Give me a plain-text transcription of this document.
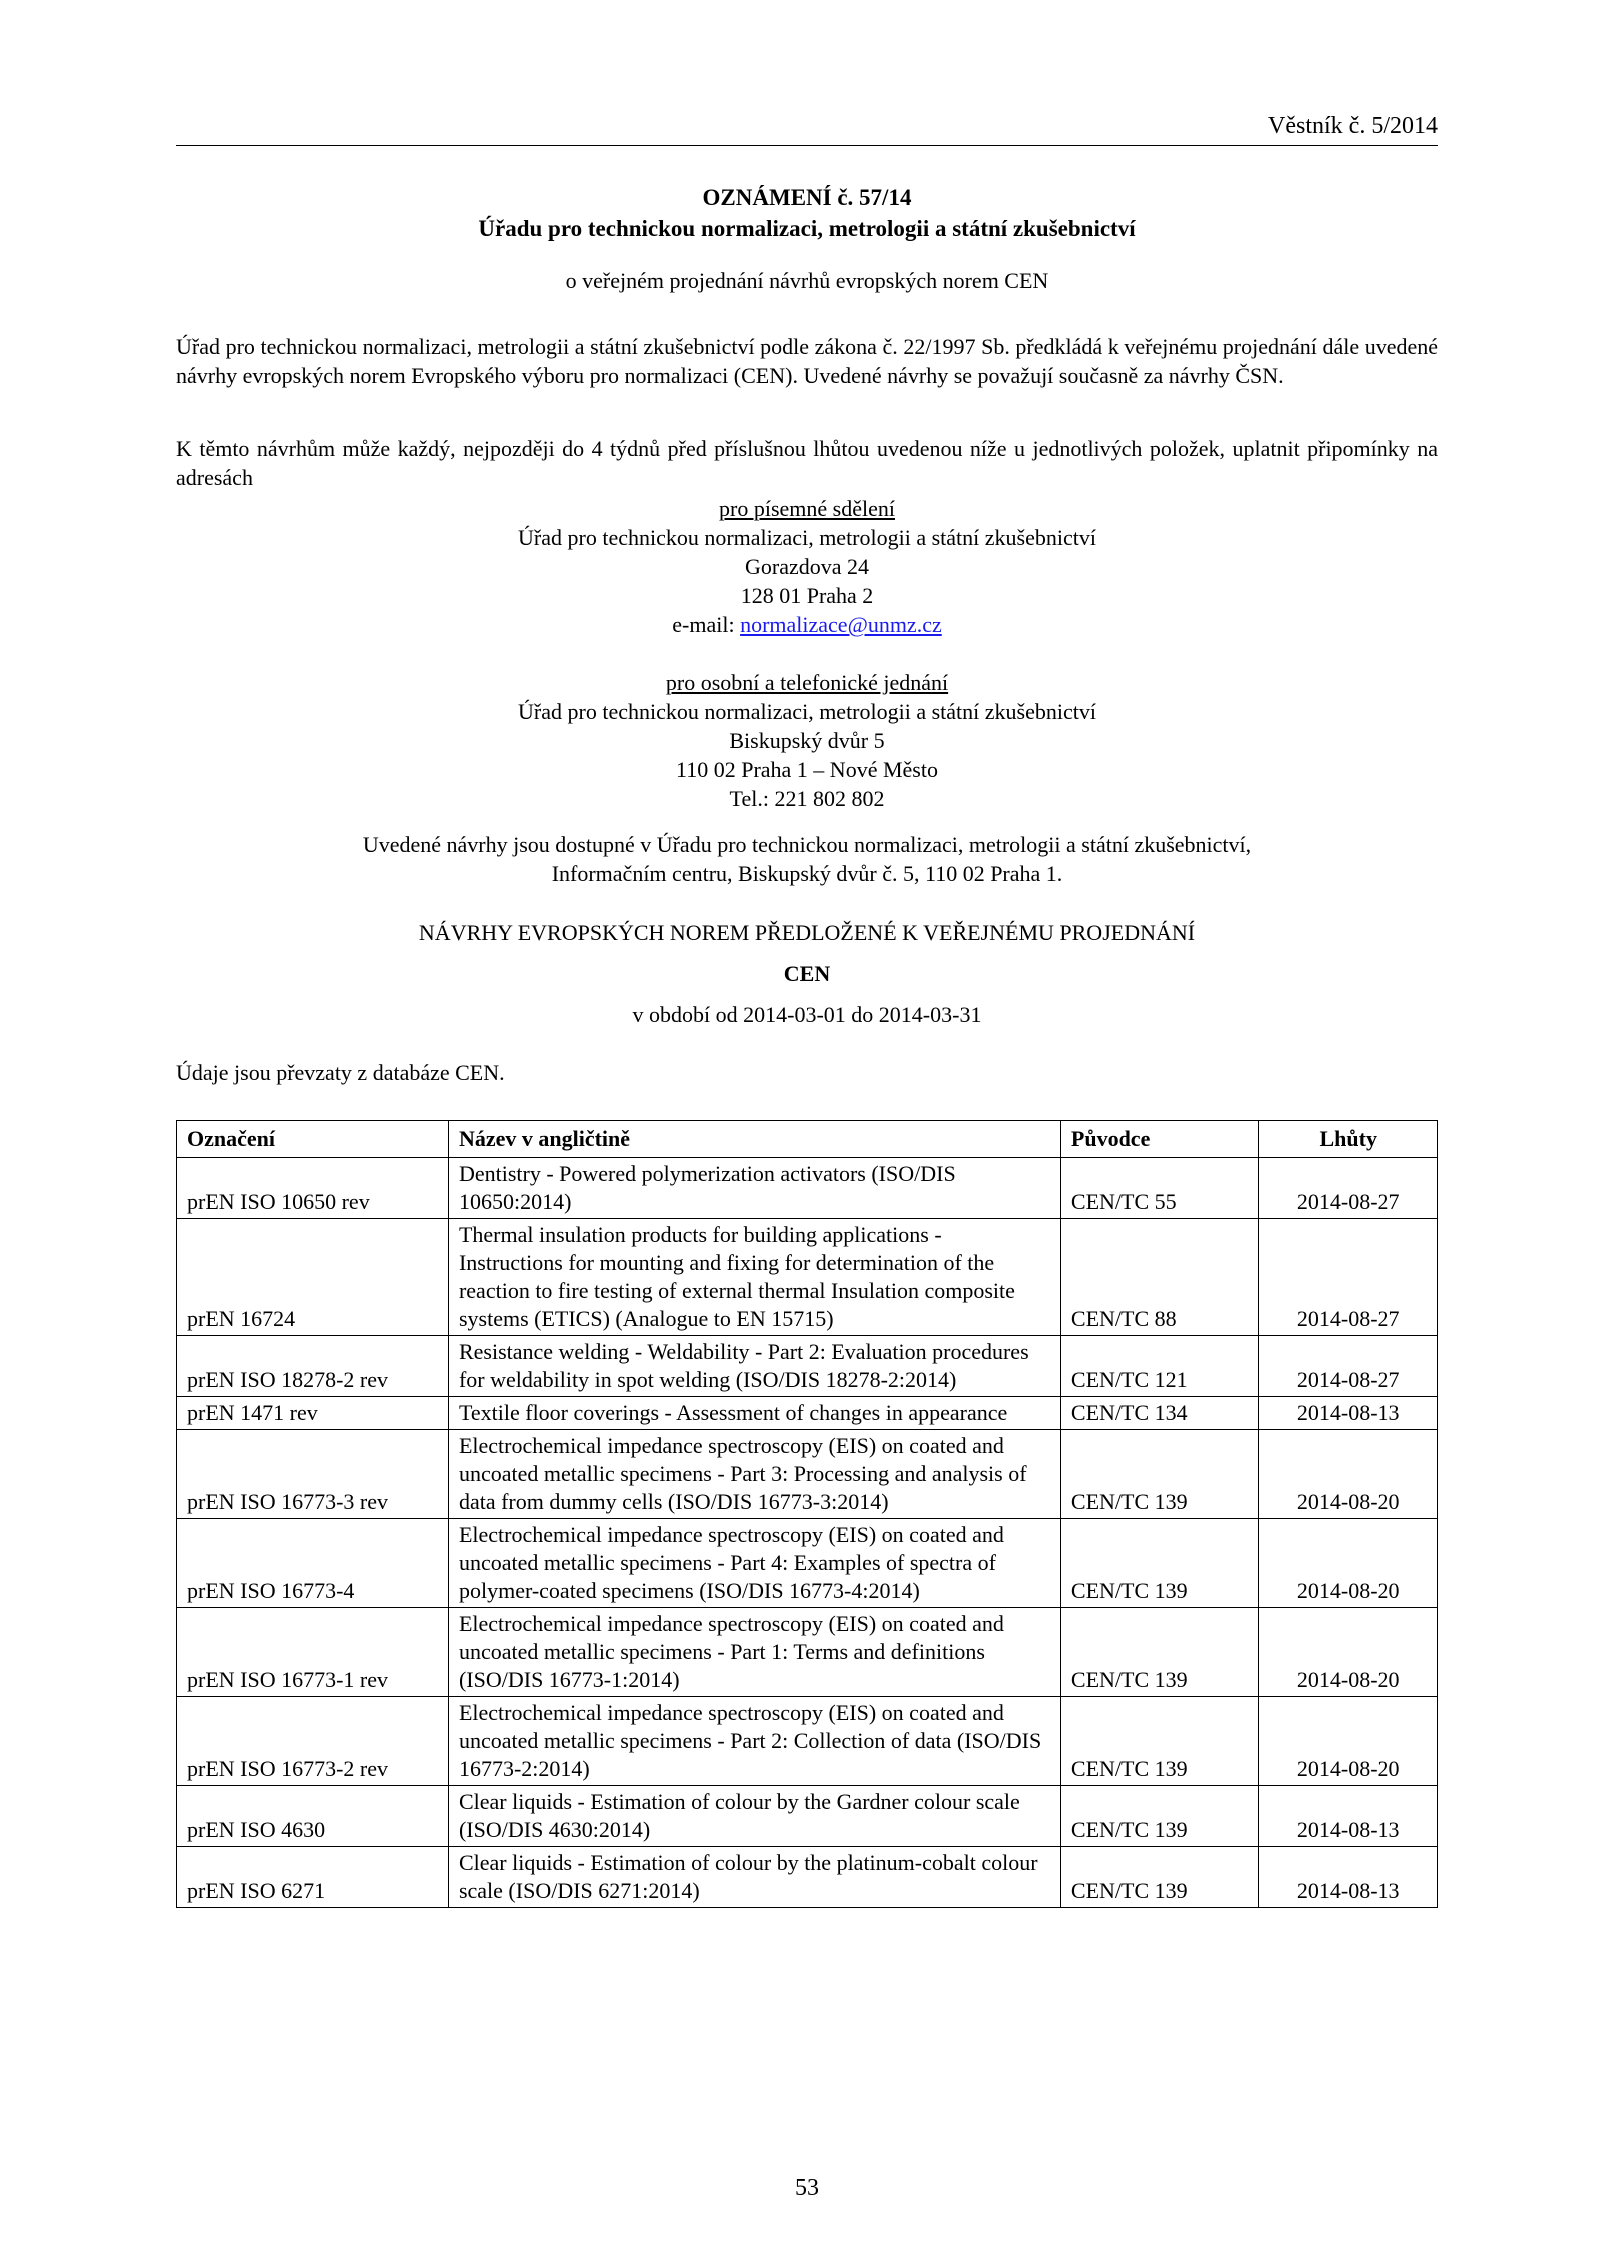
Věstník č. 5/2014
OZNÁMENÍ č. 57/14
Úřadu pro technickou normalizaci, metrologii a státní zkušebnictví
o veřejném projednání návrhů evropských norem CEN
Úřad pro technickou normalizaci, metrologii a státní zkušebnictví podle zákona č. 22/1997 Sb. předkládá k veřejnému projednání dále uvedené návrhy evropských norem Evropského výboru pro normalizaci (CEN). Uvedené návrhy se považují současně za návrhy ČSN.
K těmto návrhům může každý, nejpozději do 4 týdnů před příslušnou lhůtou uvedenou níže u jednotlivých položek, uplatnit připomínky na adresách
pro písemné sdělení
Úřad pro technickou normalizaci, metrologii a státní zkušebnictví
Gorazdova 24
128 01 Praha 2
e-mail: normalizace@unmz.cz
pro osobní a telefonické jednání
Úřad pro technickou normalizaci, metrologii a státní zkušebnictví
Biskupský dvůr 5
110 02 Praha 1 – Nové Město
Tel.: 221 802 802
Uvedené návrhy jsou dostupné v Úřadu pro technickou normalizaci, metrologii a státní zkušebnictví,
Informačním centru, Biskupský dvůr č. 5, 110 02 Praha 1.
NÁVRHY EVROPSKÝCH NOREM PŘEDLOŽENÉ K VEŘEJNÉMU PROJEDNÁNÍ
CEN
v období od 2014-03-01 do 2014-03-31
Údaje jsou převzaty z databáze CEN.
Označení	Název v angličtině	Původce	Lhůty
prEN ISO 10650 rev	Dentistry - Powered polymerization activators (ISO/DIS 10650:2014)	CEN/TC 55	2014-08-27
prEN 16724	Thermal insulation products for building applications - Instructions for mounting and fixing for determination of the reaction to fire testing of external thermal Insulation composite systems (ETICS) (Analogue to EN 15715)	CEN/TC 88	2014-08-27
prEN ISO 18278-2 rev	Resistance welding - Weldability - Part 2: Evaluation procedures for weldability in spot welding (ISO/DIS 18278-2:2014)	CEN/TC 121	2014-08-27
prEN 1471 rev	Textile floor coverings - Assessment of changes in appearance	CEN/TC 134	2014-08-13
prEN ISO 16773-3 rev	Electrochemical impedance spectroscopy (EIS) on coated and uncoated metallic specimens - Part 3: Processing and analysis of data from dummy cells (ISO/DIS 16773-3:2014)	CEN/TC 139	2014-08-20
prEN ISO 16773-4	Electrochemical impedance spectroscopy (EIS) on coated and uncoated metallic specimens - Part 4: Examples of spectra of polymer-coated specimens (ISO/DIS 16773-4:2014)	CEN/TC 139	2014-08-20
prEN ISO 16773-1 rev	Electrochemical impedance spectroscopy (EIS) on coated and uncoated metallic specimens - Part 1: Terms and definitions (ISO/DIS 16773-1:2014)	CEN/TC 139	2014-08-20
prEN ISO 16773-2 rev	Electrochemical impedance spectroscopy (EIS) on coated and uncoated metallic specimens - Part 2: Collection of data (ISO/DIS 16773-2:2014)	CEN/TC 139	2014-08-20
prEN ISO 4630	Clear liquids - Estimation of colour by the Gardner colour scale (ISO/DIS 4630:2014)	CEN/TC 139	2014-08-13
prEN ISO 6271	Clear liquids - Estimation of colour by the platinum-cobalt colour scale (ISO/DIS 6271:2014)	CEN/TC 139	2014-08-13
53
